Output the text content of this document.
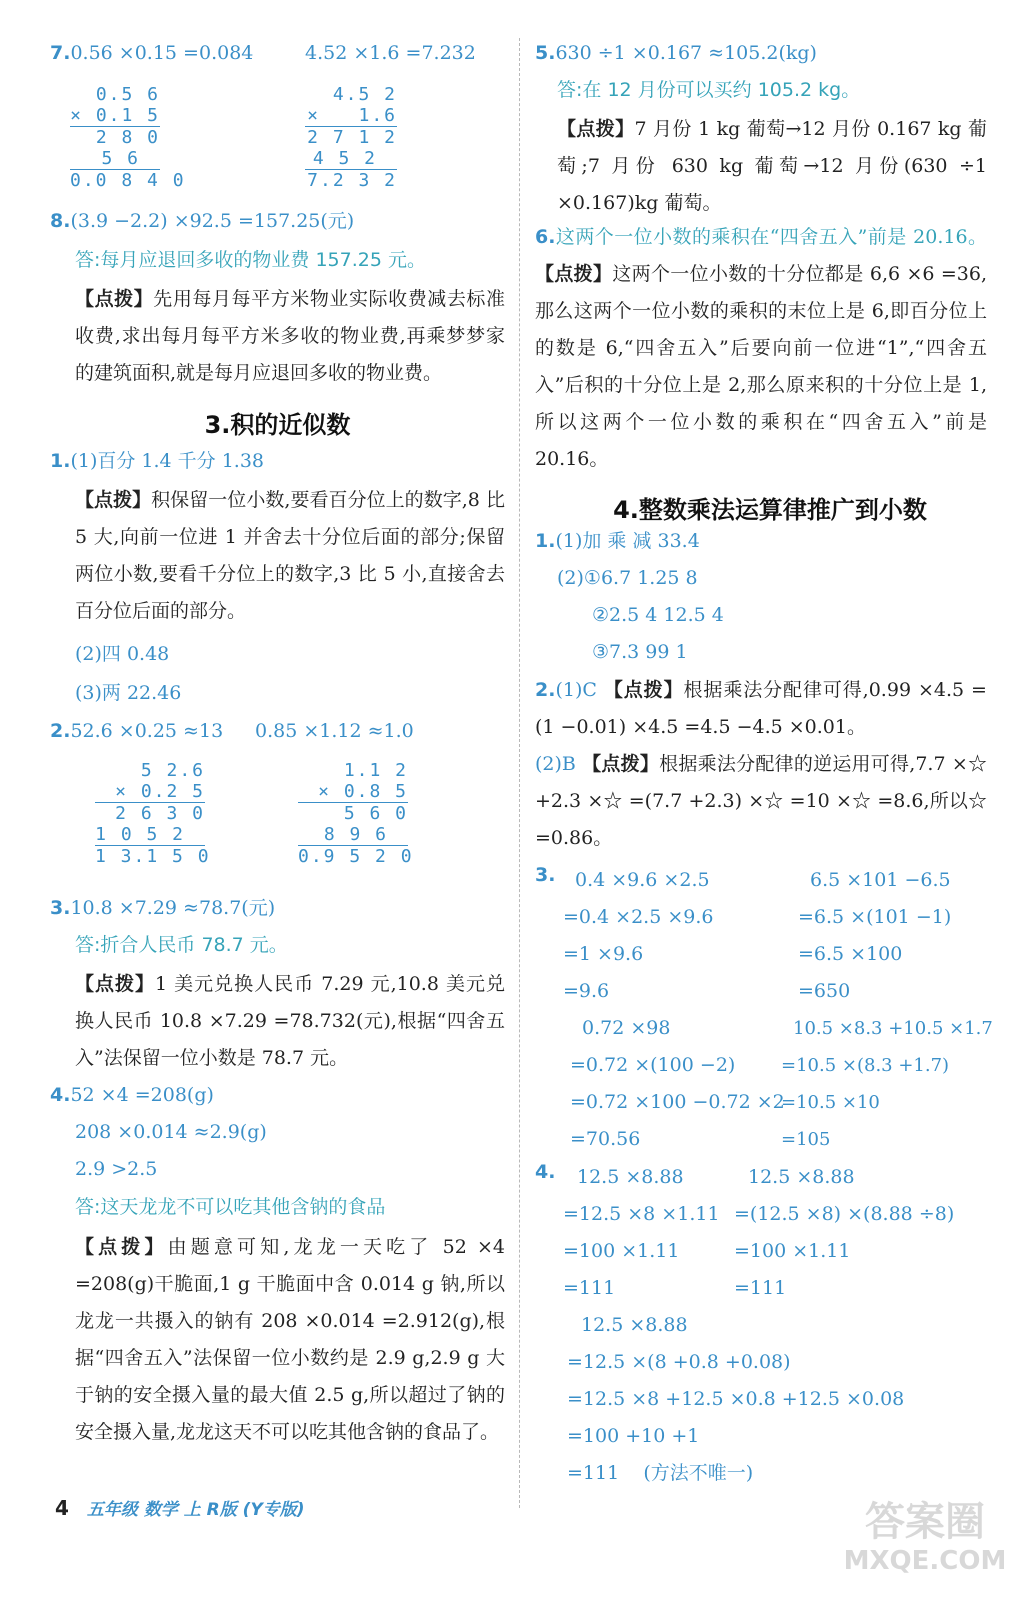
7.0.56 ×0.15 =0.084	4.52 ×1.6 =7.232
0.5 6
× 0.1 5
2 8 0
5 6
0.0 8 4 0
4.5 2
×   1.6
2 7 1 2
4 5 2
7.2 3 2
8.(3.9 −2.2) ×92.5 =157.25(元)
答:每月应退回多收的物业费 157.25 元。
【点拨】先用每月每平方米物业实际收费减去标准收费,求出每月每平方米多收的物业费,再乘梦梦家的建筑面积,就是每月应退回多收的物业费。
3.积的近似数
1.(1)百分 1.4 千分 1.38
【点拨】积保留一位小数,要看百分位上的数字,8 比 5 大,向前一位进 1 并舍去十分位后面的部分;保留两位小数,要看千分位上的数字,3 比 5 小,直接舍去百分位后面的部分。
(2)四 0.48
(3)两 22.46
2.52.6 ×0.25 ≈13 0.85 ×1.12 ≈1.0
5 2.6
× 0.2 5
2 6 3 0
1 0 5 2
1 3.1 5 0
1.1 2
× 0.8 5
5 6 0
8 9 6
0.9 5 2 0
3.10.8 ×7.29 ≈78.7(元)
答:折合人民币 78.7 元。
【点拨】1 美元兑换人民币 7.29 元,10.8 美元兑换人民币 10.8 ×7.29 =78.732(元),根据“四舍五入”法保留一位小数是 78.7 元。
4.52 ×4 =208(g)
208 ×0.014 ≈2.9(g)
2.9 >2.5
答:这天龙龙不可以吃其他含钠的食品
【点拨】由题意可知,龙龙一天吃了 52 ×4 =208(g)干脆面,1 g 干脆面中含 0.014 g 钠,所以龙龙一共摄入的钠有 208 ×0.014 =2.912(g),根据“四舍五入”法保留一位小数约是 2.9 g,2.9 g 大于钠的安全摄入量的最大值 2.5 g,所以超过了钠的安全摄入量,龙龙这天不可以吃其他含钠的食品了。
5.630 ÷1 ×0.167 ≈105.2(kg)
答:在 12 月份可以买约 105.2 kg。
【点拨】7 月份 1 kg 葡萄→12 月份 0.167 kg 葡萄;7 月份 630 kg 葡萄→12 月份(630 ÷1 ×0.167)kg 葡萄。
6.这两个一位小数的乘积在“四舍五入”前是 20.16。 【点拨】这两个一位小数的十分位都是 6,6 ×6 =36,那么这两个一位小数的乘积的末位上是 6,即百分位上的数是 6,“四舍五入”后要向前一位进“1”,“四舍五入”后积的十分位上是 2,那么原来积的十分位上是 1,所以这两个一位小数的乘积在“四舍五入”前是 20.16。
4.整数乘法运算律推广到小数
1.(1)加 乘 减 33.4
(2)①6.7 1.25 8
②2.5 4 12.5 4
③7.3 99 1
2.(1)C 【点拨】根据乘法分配律可得,0.99 ×4.5 =(1 −0.01) ×4.5 =4.5 −4.5 ×0.01。
(2)B 【点拨】根据乘法分配律的逆运用可得,7.7 ×☆ +2.3 ×☆ =(7.7 +2.3) ×☆ =10 ×☆ =8.6,所以☆ =0.86。
3. 0.4 ×9.6 ×2.5
=0.4 ×2.5 ×9.6
=1 ×9.6
=9.6
6.5 ×101 −6.5
=6.5 ×(101 −1)
=6.5 ×100
=650
0.72 ×98
=0.72 ×(100 −2)
=0.72 ×100 −0.72 ×2
=70.56
10.5 ×8.3 +10.5 ×1.7
=10.5 ×(8.3 +1.7)
=10.5 ×10
=105
4. 12.5 ×8.88
=12.5 ×8 ×1.11
=100 ×1.11
=111
12.5 ×8.88
=(12.5 ×8) ×(8.88 ÷8)
=100 ×1.11
=111
12.5 ×8.88
=12.5 ×(8 +0.8 +0.08)
=12.5 ×8 +12.5 ×0.8 +12.5 ×0.08
=100 +10 +1
=111 (方法不唯一)
4 五年级 数学 上 R版 (Y专版)	答案圈
MXQE.COM
